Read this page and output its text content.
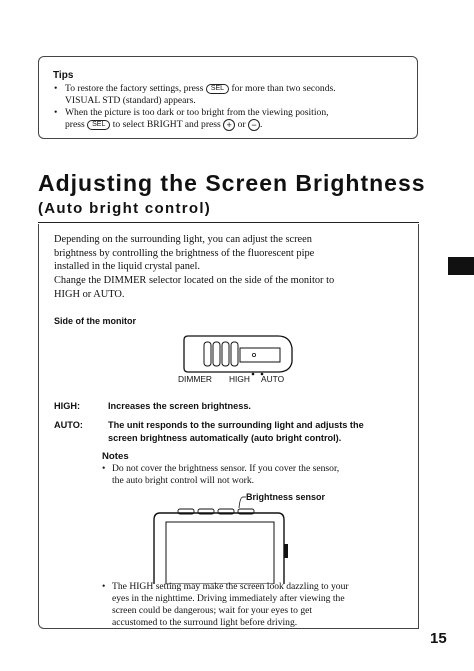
Tips
• To restore the factory settings, press SEL for more than two seconds.
VISUAL STD (standard) appears.
• When the picture is too dark or too bright from the viewing position,
press SEL to select BRIGHT and press + or − .
Adjusting the Screen Brightness
(Auto bright control)
Depending on the surrounding light, you can adjust the screen
brightness by controlling the brightness of the fluorescent pipe
installed in the liquid crystal panel.
Change the DIMMER selector located on the side of the monitor to
HIGH or AUTO.
Side of the monitor
DIMMER HIGH AUTO
HIGH:	Increases the screen brightness.
AUTO:	The unit responds to the surrounding light and adjusts the
screen brightness automatically (auto bright control).
Notes
• Do not cover the brightness sensor. If you cover the sensor,
the auto bright control will not work.
Brightness sensor
• The HIGH setting may make the screen look dazzling to your
eyes in the nighttime. Driving immediately after viewing the
screen could be dangerous; wait for your eyes to get
accustomed to the surround light before driving.
15
